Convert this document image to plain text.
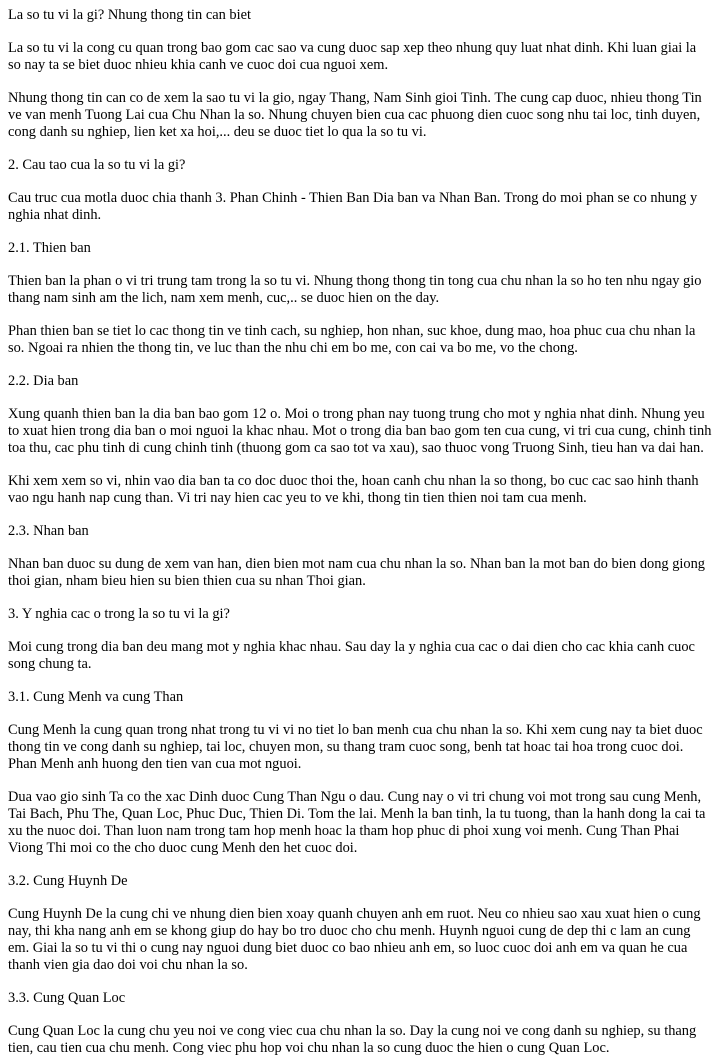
La so tu vi la gi? Nhung thong tin can biet

La so tu vi la cong cu quan trong bao gom cac sao va cung duoc sap xep theo nhung quy luat nhat dinh. Khi luan giai la so nay ta se biet duoc nhieu khia canh ve cuoc doi cua nguoi xem.

Nhung thong tin can co de xem la sao tu vi la gio, ngay Thang, Nam Sinh gioi Tinh. The cung cap duoc, nhieu thong Tin ve van menh Tuong Lai cua Chu Nhan la so. Nhung chuyen bien cua cac phuong dien cuoc song nhu tai loc, tinh duyen, cong danh su nghiep, lien ket xa hoi,... deu se duoc tiet lo qua la so tu vi.

2. Cau tao cua la so tu vi la gi?

Cau truc cua motla duoc chia thanh 3. Phan Chinh - Thien Ban Dia ban va Nhan Ban. Trong do moi phan se co nhung y nghia nhat dinh.

2.1. Thien ban

Thien ban la phan o vi tri trung tam trong la so tu vi. Nhung thong thong tin tong cua chu nhan la so ho ten nhu ngay gio thang nam sinh am the lich, nam xem menh, cuc,.. se duoc hien on the day.

Phan thien ban se tiet lo cac thong tin ve tinh cach, su nghiep, hon nhan, suc khoe, dung mao, hoa phuc cua chu nhan la so. Ngoai ra nhien the thong tin, ve luc than the nhu chi em bo me, con cai va bo me, vo the chong.

2.2. Dia ban

Xung quanh thien ban la dia ban bao gom 12 o. Moi o trong phan nay tuong trung cho mot y nghia nhat dinh. Nhung yeu to xuat hien trong dia ban o moi nguoi la khac nhau. Mot o trong dia ban bao gom ten cua cung, vi tri cua cung, chinh tinh toa thu, cac phu tinh di cung chinh tinh (thuong gom ca sao tot va xau), sao thuoc vong Truong Sinh, tieu han va dai han.

Khi xem xem so vi, nhin vao dia ban ta co doc duoc thoi the, hoan canh chu nhan la so thong, bo cuc cac sao hinh thanh vao ngu hanh nap cung than. Vi tri nay hien cac yeu to ve khi, thong tin tien thien noi tam cua menh.

2.3. Nhan ban

Nhan ban duoc su dung de xem van han, dien bien mot nam cua chu nhan la so. Nhan ban la mot ban do bien dong giong thoi gian, nham bieu hien su bien thien cua su nhan Thoi gian.

3. Y nghia cac o trong la so tu vi la gi?

Moi cung trong dia ban deu mang mot y nghia khac nhau. Sau day la y nghia cua cac o dai dien cho cac khia canh cuoc song chung ta.

3.1. Cung Menh va cung Than

Cung Menh la cung quan trong nhat trong tu vi vi no tiet lo ban menh cua chu nhan la so. Khi xem cung nay ta biet duoc thong tin ve cong danh su nghiep, tai loc, chuyen mon, su thang tram cuoc song, benh tat hoac tai hoa trong cuoc doi. Phan Menh anh huong den tien van cua mot nguoi.

Dua vao gio sinh Ta co the xac Dinh duoc Cung Than Ngu o dau. Cung nay o vi tri chung voi mot trong sau cung Menh, Tai Bach, Phu The, Quan Loc, Phuc Duc, Thien Di. Tom the lai. Menh la ban tinh, la tu tuong, than la hanh dong la cai ta xu the nuoc doi. Than luon nam trong tam hop menh hoac la tham hop phuc di phoi xung voi menh. Cung Than Phai Viong Thi moi co the cho duoc cung Menh den het cuoc doi.

3.2. Cung Huynh De

Cung Huynh De la cung chi ve nhung dien bien xoay quanh chuyen anh em ruot. Neu co nhieu sao xau xuat hien o cung nay, thi kha nang anh em se khong giup do hay bo tro duoc cho chu menh. Huynh nguoi cung de dep thi c lam an cung em. Giai la so tu vi thi o cung nay nguoi dung biet duoc co bao nhieu anh em, so luoc cuoc doi anh em va quan he cua thanh vien gia dao doi voi chu nhan la so.

3.3. Cung Quan Loc

Cung Quan Loc la cung chu yeu noi ve cong viec cua chu nhan la so. Day la cung noi ve cong danh su nghiep, su thang tien, cau tien cua chu menh. Cong viec phu hop voi chu nhan la so cung duoc the hien o cung Quan Loc.
